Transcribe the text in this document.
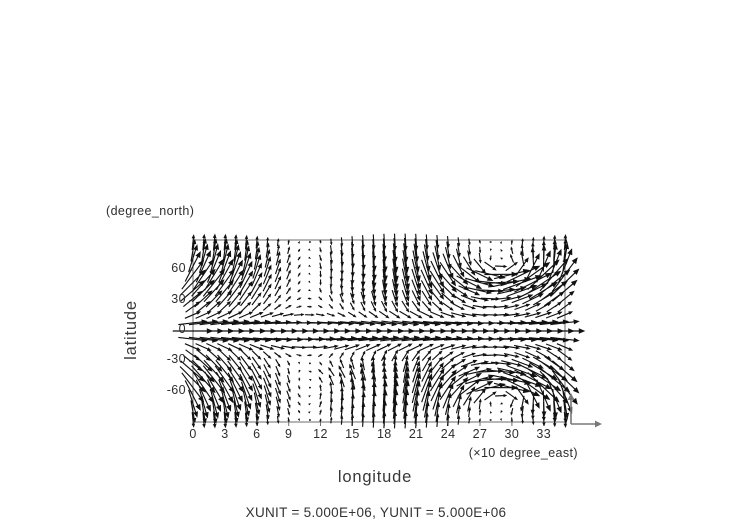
(degree_north)
60
30
0
-30
-60
0	3	6	9	12	15	18	21	24	27	30	33
(×10 degree_east)
longitude
latitude
XUNIT = 5.000E+06, YUNIT = 5.000E+06
